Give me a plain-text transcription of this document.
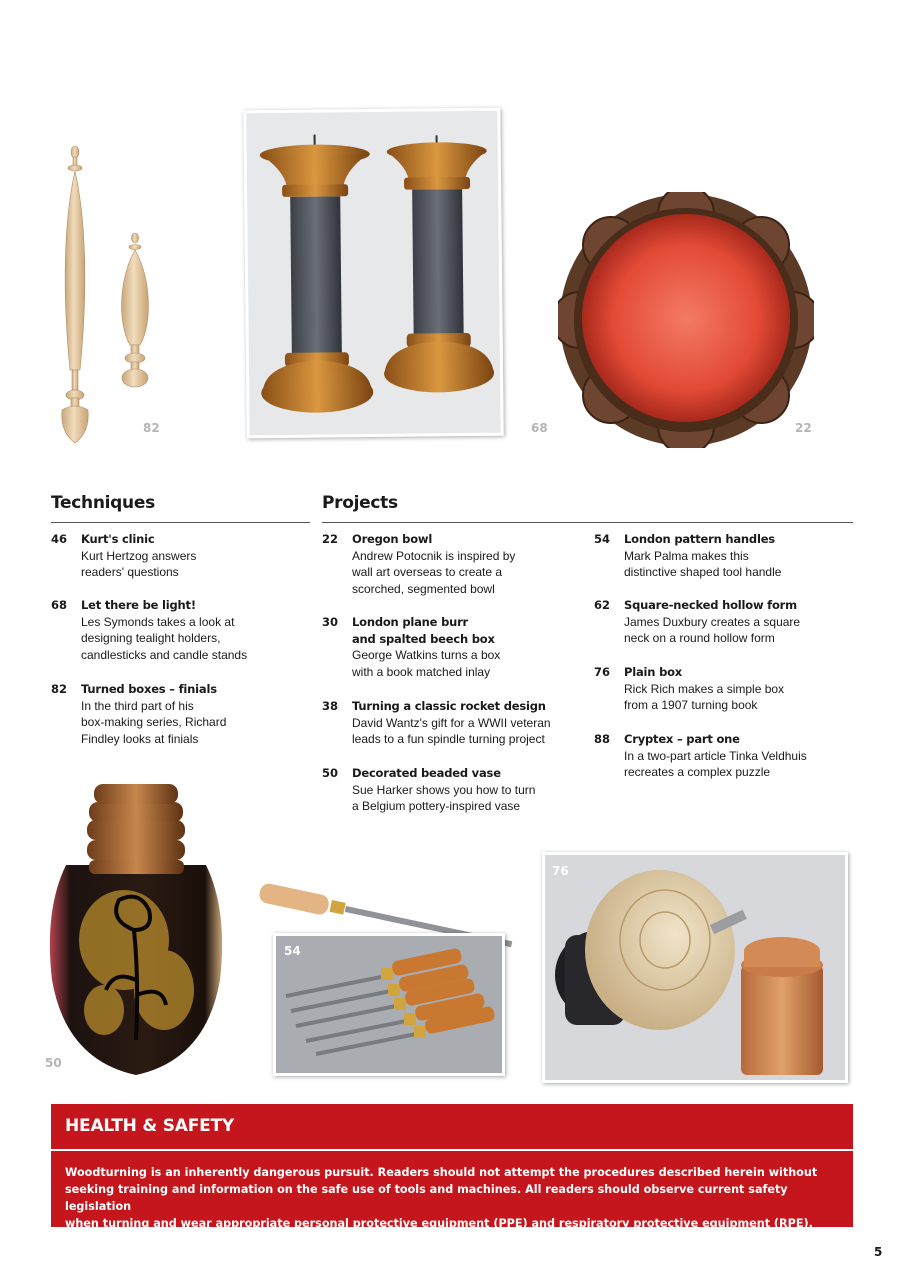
82	68	22
Techniques
46	Kurt's clinic
Kurt Hertzog answers
readers' questions
68	Let there be light!
Les Symonds takes a look at
designing tealight holders,
candlesticks and candle stands
82	Turned boxes – finials
In the third part of his
box-making series, Richard
Findley looks at finials
Projects
22	Oregon bowl
Andrew Potocnik is inspired by
wall art overseas to create a
scorched, segmented bowl
30	London plane burr
and spalted beech box
George Watkins turns a box
with a book matched inlay
38	Turning a classic rocket design
David Wantz's gift for a WWII veteran
leads to a fun spindle turning project
50	Decorated beaded vase
Sue Harker shows you how to turn
a Belgium pottery-inspired vase
54	London pattern handles
Mark Palma makes this
distinctive shaped tool handle
62	Square-necked hollow form
James Duxbury creates a square
neck on a round hollow form
76	Plain box
Rick Rich makes a simple box
from a 1907 turning book
88	Cryptex – part one
In a two-part article Tinka Veldhuis
recreates a complex puzzle
50
54
76
HEALTH & SAFETY
Woodturning is an inherently dangerous pursuit. Readers should not attempt the procedures described herein without
seeking training and information on the safe use of tools and machines. All readers should observe current safety legislation
when turning and wear appropriate personal protective equipment (PPE) and respiratory protective equipment (RPE).
5
